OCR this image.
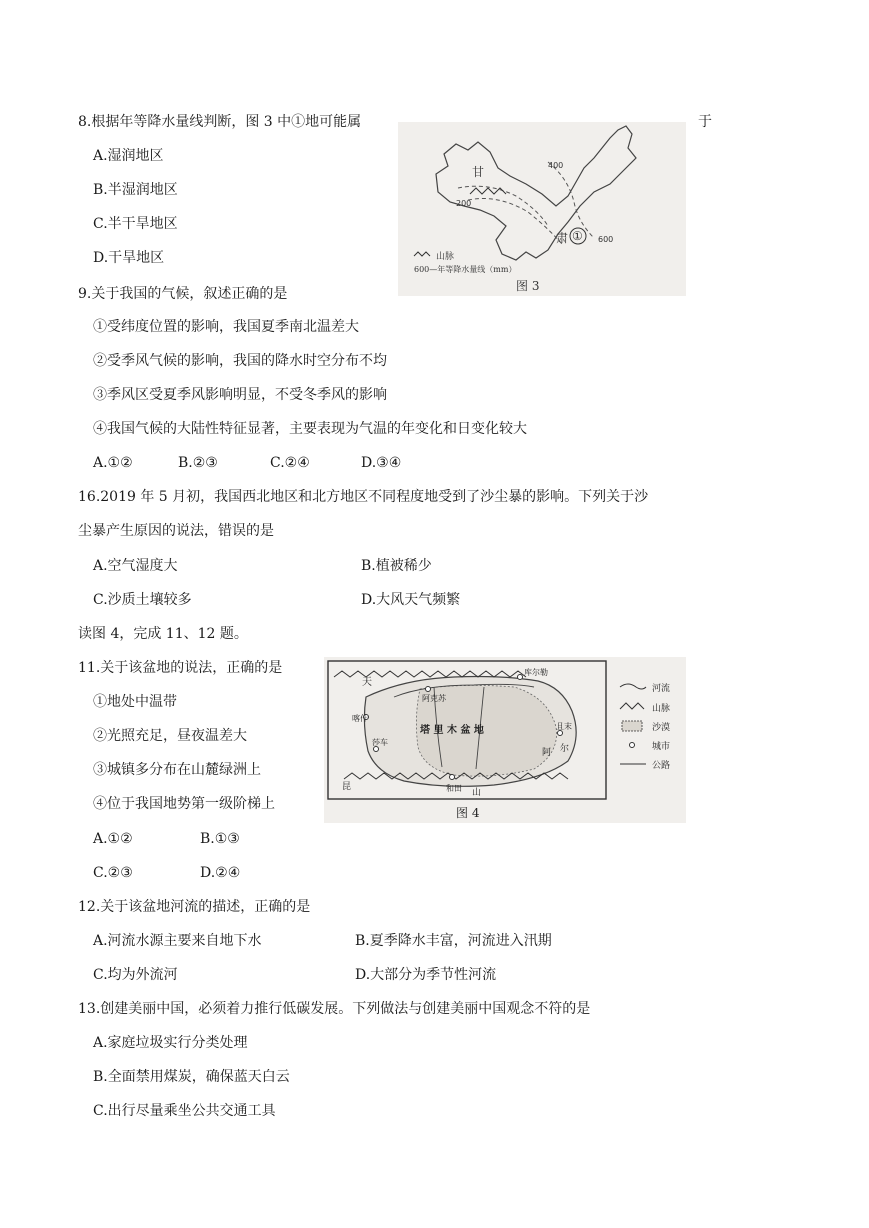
8.根据年等降水量线判断，图 3 中①地可能属	于
A.湿润地区
B.半湿润地区
C.半干旱地区
D.干旱地区
甘
肃 ①
200
400
600
山脉
600—年等降水量线（mm）
图 3
9.关于我国的气候，叙述正确的是
①受纬度位置的影响，我国夏季南北温差大
②受季风气候的影响，我国的降水时空分布不均
③季风区受夏季风影响明显，不受冬季风的影响
④我国气候的大陆性特征显著，主要表现为气温的年变化和日变化较大
A.①②	B.②③	C.②④	D.③④
16.2019 年 5 月初，我国西北地区和北方地区不同程度地受到了沙尘暴的影响。下列关于沙
尘暴产生原因的说法，错误的是
A.空气湿度大	B.植被稀少
C.沙质土壤较多	D.大风天气频繁
读图 4，完成 11、12 题。
11.关于该盆地的说法，正确的是
①地处中温带
②光照充足，昼夜温差大
③城镇多分布在山麓绿洲上
④位于我国地势第一级阶梯上
A.①②	B.①③
C.②③	D.②④
塔 里 木 盆 地
天
阿克苏
库尔勒
喀什
莎车
和田
且末
昆
山
阿 尔
河流
山脉
沙漠
城市
公路
图 4
12.关于该盆地河流的描述，正确的是
A.河流水源主要来自地下水	B.夏季降水丰富，河流进入汛期
C.均为外流河	D.大部分为季节性河流
13.创建美丽中国，必须着力推行低碳发展。下列做法与创建美丽中国观念不符的是
A.家庭垃圾实行分类处理
B.全面禁用煤炭，确保蓝天白云
C.出行尽量乘坐公共交通工具
